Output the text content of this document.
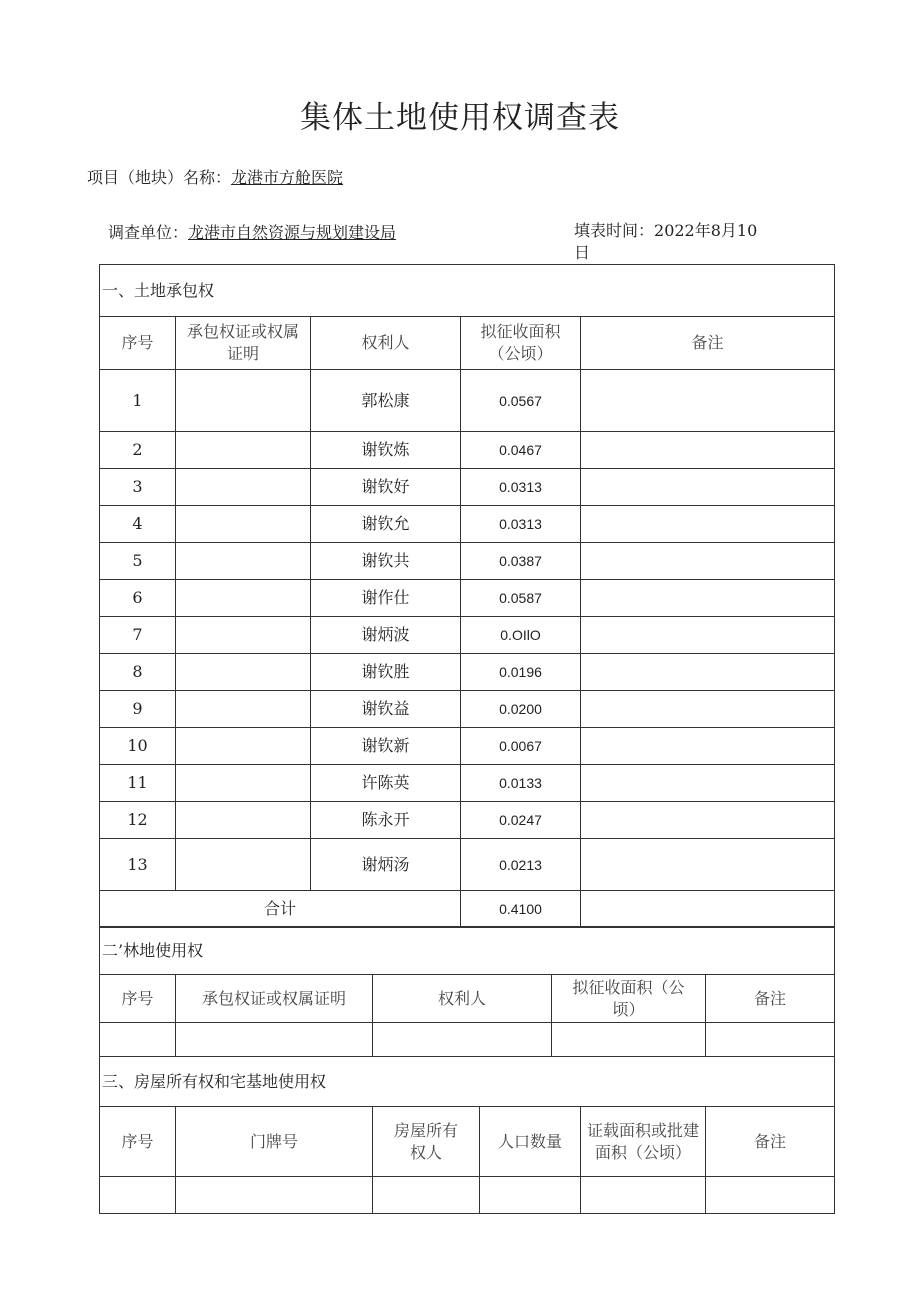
集体土地使用权调查表
项目（地块）名称：龙港市方舱医院
调查单位：龙港市自然资源与规划建设局	填表时间：2022年8月10
日
一、土地承包权				
序号	承包权证或权属证明	权利人	拟征收面积（公顷）	备注
1		郭松康	0.0567	
2		谢钦炼	0.0467	
3		谢钦好	0.0313	
4		谢钦允	0.0313	
5		谢钦共	0.0387	
6		谢作仕	0.0587	
7		谢炳波	0.OIlO	
8		谢钦胜	0.0196	
9		谢钦益	0.0200	
10		谢钦新	0.0067	
11		许陈英	0.0133	
12		陈永开	0.0247	
13		谢炳汤	0.0213	
合计			0.4100	
二’林地使用权				
序号	承包权证或权属证明	权利人	拟征收面积（公顷）	备注

三、房屋所有权和宅基地使用权					
序号	门牌号	房屋所有权人	人口数量	证载面积或批建面积（公顷）	备注
